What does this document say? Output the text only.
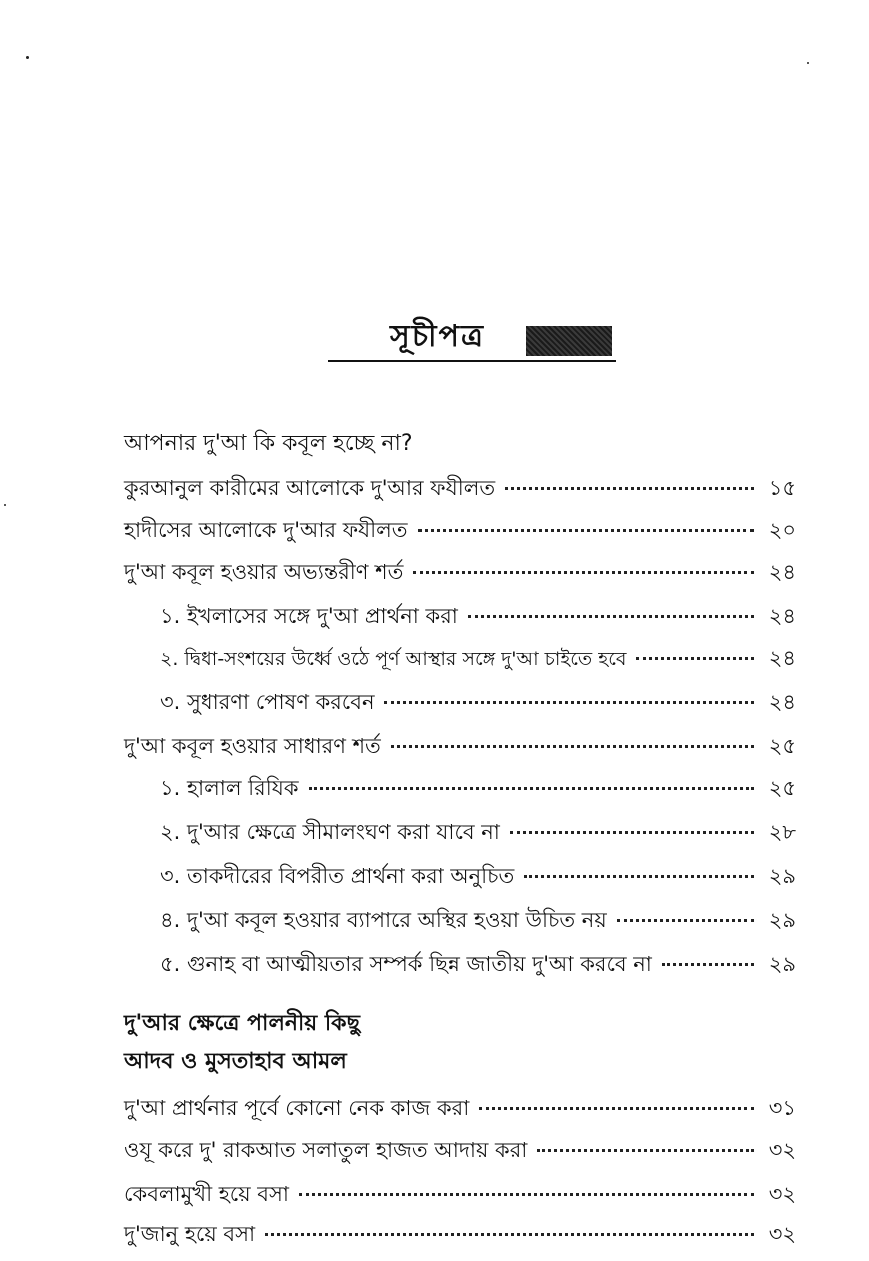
সূচীপত্র
আপনার দু'আ কি কবূল হচ্ছে না?
কুরআনুল কারীমের আলোকে দু'আর ফযীলত	১৫
হাদীসের আলোকে দু'আর ফযীলত	২০
দু'আ কবূল হওয়ার অভ্যন্তরীণ শর্ত	২৪
১. ইখলাসের সঙ্গে দু'আ প্রার্থনা করা	২৪
২. দ্বিধা-সংশয়ের উর্ধ্বে ওঠে পূর্ণ আস্থার সঙ্গে দু'আ চাইতে হবে	২৪
৩. সুধারণা পোষণ করবেন	২৪
দু'আ কবূল হওয়ার সাধারণ শর্ত	২৫
১. হালাল রিযিক	২৫
২. দু'আর ক্ষেত্রে সীমালংঘণ করা যাবে না	২৮
৩. তাকদীরের বিপরীত প্রার্থনা করা অনুচিত	২৯
৪. দু'আ কবূল হওয়ার ব্যাপারে অস্থির হওয়া উচিত নয়	২৯
৫. গুনাহ বা আত্মীয়তার সম্পর্ক ছিন্ন জাতীয় দু'আ করবে না	২৯
দু'আর ক্ষেত্রে পালনীয় কিছু
আদব ও মুসতাহাব আমল
দু'আ প্রার্থনার পূর্বে কোনো নেক কাজ করা	৩১
ওযূ করে দু' রাকআত সলাতুল হাজত আদায় করা	৩২
কেবলামুখী হয়ে বসা	৩২
দু'জানু হয়ে বসা	৩২
